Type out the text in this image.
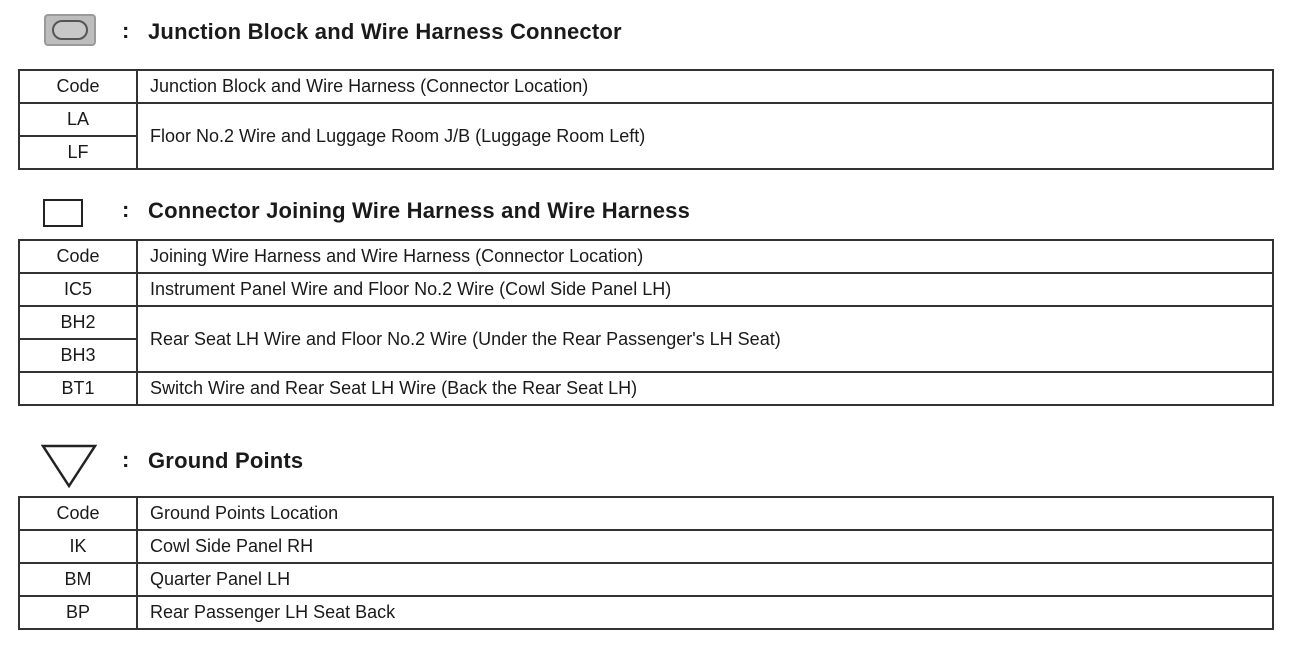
: Junction Block and Wire Harness Connector
Code	Junction Block and Wire Harness (Connector Location)
LA	Floor No.2 Wire and Luggage Room J/B (Luggage Room Left)
LF	
: Connector Joining Wire Harness and Wire Harness
Code	Joining Wire Harness and Wire Harness (Connector Location)
IC5	Instrument Panel Wire and Floor No.2 Wire (Cowl Side Panel LH)
BH2	Rear Seat LH Wire and Floor No.2 Wire (Under the Rear Passenger's LH Seat)
BH3	
BT1	Switch Wire and Rear Seat LH Wire (Back the Rear Seat LH)
: Ground Points
Code	Ground Points Location
IK	Cowl Side Panel RH
BM	Quarter Panel LH
BP	Rear Passenger LH Seat Back
